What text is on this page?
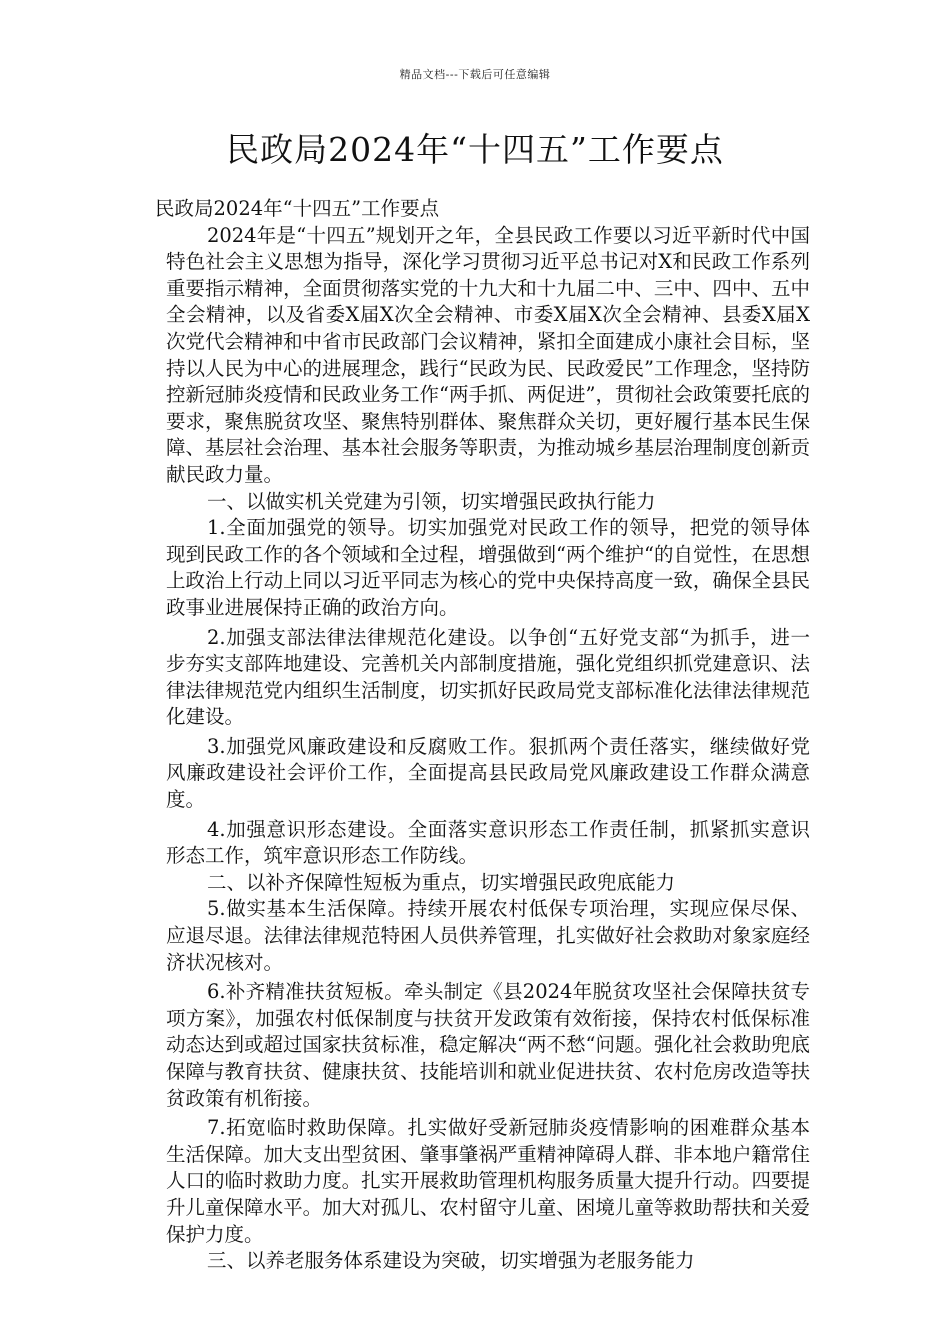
精品文档---下载后可任意编辑
民政局2024年“十四五”工作要点

民政局2024年“十四五”工作要点

2024年是“十四五”规划开之年，全县民政工作要以习近平新时代中国特色社会主义思想为指导，深化学习贯彻习近平总书记对X和民政工作系列重要指示精神，全面贯彻落实党的十九大和十九届二中、三中、四中、五中全会精神，以及省委X届X次全会精神、市委X届X次全会精神、县委X届X次党代会精神和中省市民政部门会议精神，紧扣全面建成小康社会目标，坚持以人民为中心的进展理念，践行“民政为民、民政爱民”工作理念，坚持防控新冠肺炎疫情和民政业务工作“两手抓、两促进”，贯彻社会政策要托底的要求，聚焦脱贫攻坚、聚焦特别群体、聚焦群众关切，更好履行基本民生保障、基层社会治理、基本社会服务等职责，为推动城乡基层治理制度创新贡献民政力量。

一、以做实机关党建为引领，切实增强民政执行能力

1.全面加强党的领导。切实加强党对民政工作的领导，把党的领导体现到民政工作的各个领域和全过程，增强做到“两个维护“的自觉性，在思想上政治上行动上同以习近平同志为核心的党中央保持高度一致，确保全县民政事业进展保持正确的政治方向。

2.加强支部法律法律规范化建设。以争创“五好党支部“为抓手，进一步夯实支部阵地建设、完善机关内部制度措施，强化党组织抓党建意识、法律法律规范党内组织生活制度，切实抓好民政局党支部标准化法律法律规范化建设。

3.加强党风廉政建设和反腐败工作。狠抓两个责任落实，继续做好党风廉政建设社会评价工作，全面提高县民政局党风廉政建设工作群众满意度。

4.加强意识形态建设。全面落实意识形态工作责任制，抓紧抓实意识形态工作，筑牢意识形态工作防线。

二、以补齐保障性短板为重点，切实增强民政兜底能力

5.做实基本生活保障。持续开展农村低保专项治理，实现应保尽保、应退尽退。法律法律规范特困人员供养管理，扎实做好社会救助对象家庭经济状况核对。

6.补齐精准扶贫短板。牵头制定《县2024年脱贫攻坚社会保障扶贫专项方案》，加强农村低保制度与扶贫开发政策有效衔接，保持农村低保标准动态达到或超过国家扶贫标准，稳定解决“两不愁“问题。强化社会救助兜底保障与教育扶贫、健康扶贫、技能培训和就业促进扶贫、农村危房改造等扶贫政策有机衔接。

7.拓宽临时救助保障。扎实做好受新冠肺炎疫情影响的困难群众基本生活保障。加大支出型贫困、肇事肇祸严重精神障碍人群、非本地户籍常住人口的临时救助力度。扎实开展救助管理机构服务质量大提升行动。四要提升儿童保障水平。加大对孤儿、农村留守儿童、困境儿童等救助帮扶和关爱保护力度。

三、以养老服务体系建设为突破，切实增强为老服务能力
